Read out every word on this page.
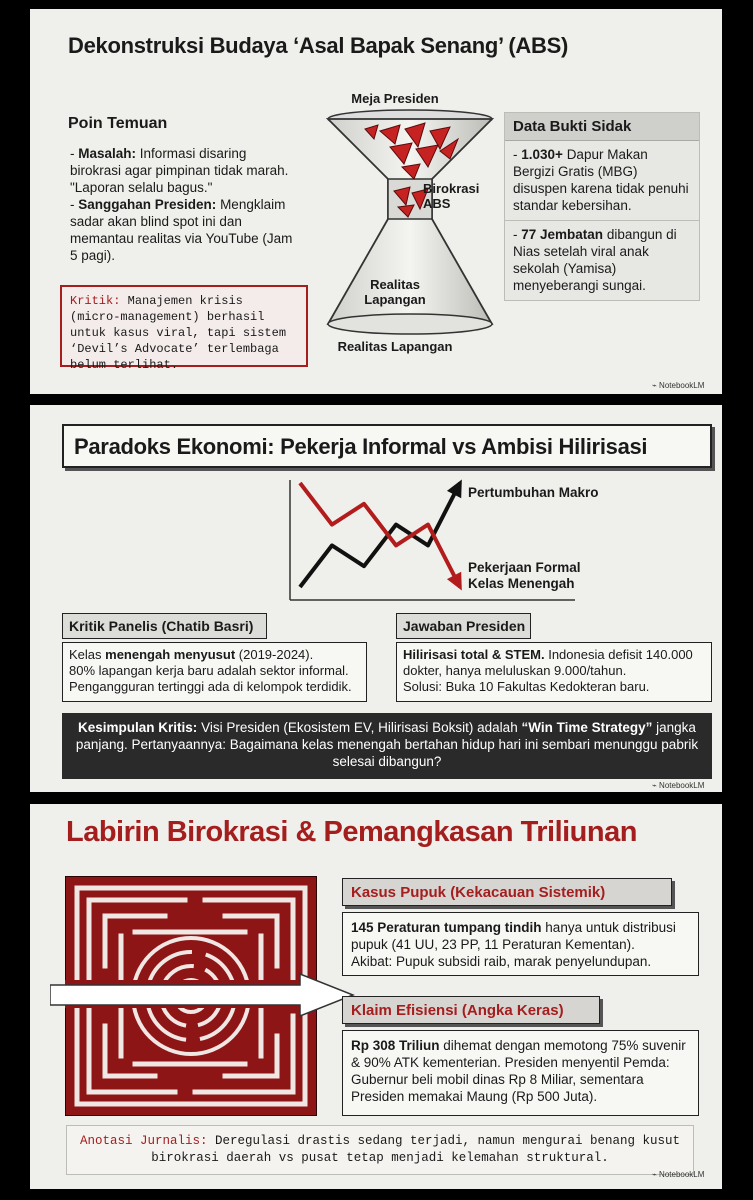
Dekonstruksi Budaya ‘Asal Bapak Senang’ (ABS)
Poin Temuan

- Masalah: Informasi disaring birokrasi agar pimpinan tidak marah. "Laporan selalu bagus."

- Sanggahan Presiden: Mengklaim sadar akan blind spot ini dan memantau realitas via YouTube (Jam 5 pagi).

Kritik: Manajemen krisis (micro-management) berhasil untuk kasus viral, tapi sistem ‘Devil’s Advocate’ terlembaga belum terlihat.
Meja Presiden
Birokrasi ABS
Realitas Lapangan
Realitas Lapangan
Data Bukti Sidak
- 1.030+ Dapur Makan Bergizi Gratis (MBG) disuspen karena tidak penuhi standar kebersihan.
- 77 Jembatan dibangun di Nias setelah viral anak sekolah (Yamisa) menyeberangi sungai.
⌁ NotebookLM
Paradoks Ekonomi: Pekerja Informal vs Ambisi Hilirisasi
Pertumbuhan Makro
Pekerjaan Formal
Kelas Menengah
Kritik Panelis (Chatib Basri)
Kelas menengah menyusut (2019-2024).
80% lapangan kerja baru adalah sektor informal.
Pengangguran tertinggi ada di kelompok terdidik.
Jawaban Presiden
Hilirisasi total & STEM. Indonesia defisit 140.000 dokter, hanya meluluskan 9.000/tahun.
Solusi: Buka 10 Fakultas Kedokteran baru.
Kesimpulan Kritis: Visi Presiden (Ekosistem EV, Hilirisasi Boksit) adalah “Win Time Strategy” jangka panjang. Pertanyaannya: Bagaimana kelas menengah bertahan hidup hari ini sembari menunggu pabrik selesai dibangun?
⌁ NotebookLM
Labirin Birokrasi & Pemangkasan Triliunan
Kasus Pupuk (Kekacauan Sistemik)
145 Peraturan tumpang tindih hanya untuk distribusi pupuk (41 UU, 23 PP, 11 Peraturan Kementan).
Akibat: Pupuk subsidi raib, marak penyelundupan.
Klaim Efisiensi (Angka Keras)
Rp 308 Triliun dihemat dengan memotong 75% suvenir & 90% ATK kementerian. Presiden menyentil Pemda: Gubernur beli mobil dinas Rp 8 Miliar, sementara Presiden memakai Maung (Rp 500 Juta).
Anotasi Jurnalis: Deregulasi drastis sedang terjadi, namun mengurai benang kusut birokrasi daerah vs pusat tetap menjadi kelemahan struktural.
⌁ NotebookLM
